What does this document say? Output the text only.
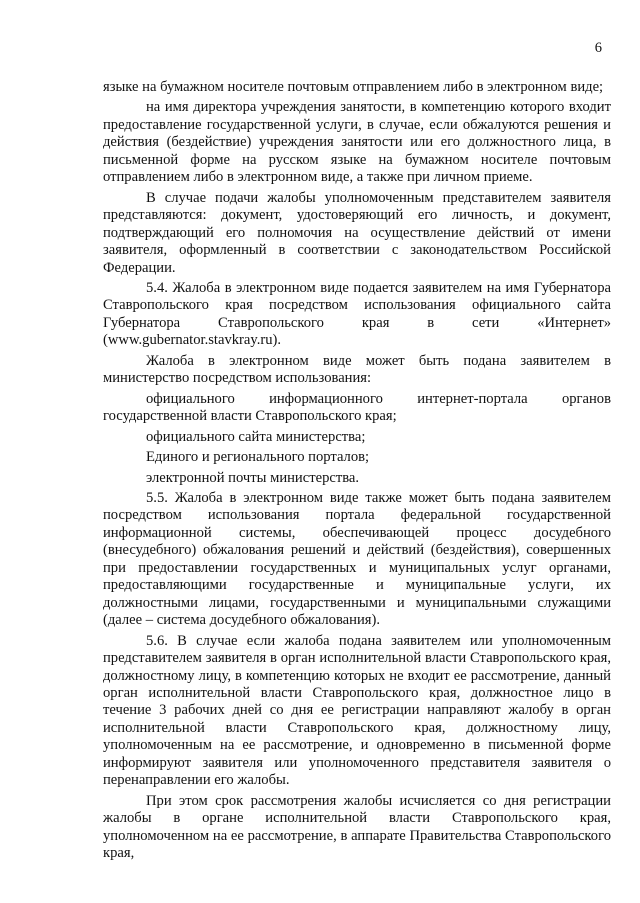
6

языке на бумажном носителе почтовым отправлением либо в электронном виде;

на имя директора учреждения занятости, в компетенцию которого входит предоставление государственной услуги, в случае, если обжалуются решения и действия (бездействие) учреждения занятости или его должностного лица, в письменной форме на русском языке на бумажном носителе почтовым отправлением либо в электронном виде, а также при личном приеме.

В случае подачи жалобы уполномоченным представителем заявителя представляются: документ, удостоверяющий его личность, и документ, подтверждающий его полномочия на осуществление действий от имени заявителя, оформленный в соответствии с законодательством Российской Федерации.

5.4. Жалоба в электронном виде подается заявителем на имя Губернатора Ставропольского края посредством использования официального сайта Губернатора Ставропольского края в сети «Интернет» (www.gubernator.stavkray.ru).

Жалоба в электронном виде может быть подана заявителем в министерство посредством использования:

официального информационного интернет-портала органов государственной власти Ставропольского края;

официального сайта министерства;

Единого и регионального порталов;

электронной почты министерства.

5.5. Жалоба в электронном виде также может быть подана заявителем посредством использования портала федеральной государственной информационной системы, обеспечивающей процесс досудебного (внесудебного) обжалования решений и действий (бездействия), совершенных при предоставлении государственных и муниципальных услуг органами, предоставляющими государственные и муниципальные услуги, их должностными лицами, государственными и муниципальными служащими (далее – система досудебного обжалования).

5.6. В случае если жалоба подана заявителем или уполномоченным представителем заявителя в орган исполнительной власти Ставропольского края, должностному лицу, в компетенцию которых не входит ее рассмотрение, данный орган исполнительной власти Ставропольского края, должностное лицо в течение 3 рабочих дней со дня ее регистрации направляют жалобу в орган исполнительной власти Ставропольского края, должностному лицу, уполномоченным на ее рассмотрение, и одновременно в письменной форме информируют заявителя или уполномоченного представителя заявителя о перенаправлении его жалобы.

При этом срок рассмотрения жалобы исчисляется со дня регистрации жалобы в органе исполнительной власти Ставропольского края, уполномоченном на ее рассмотрение, в аппарате Правительства Ставропольского края,
